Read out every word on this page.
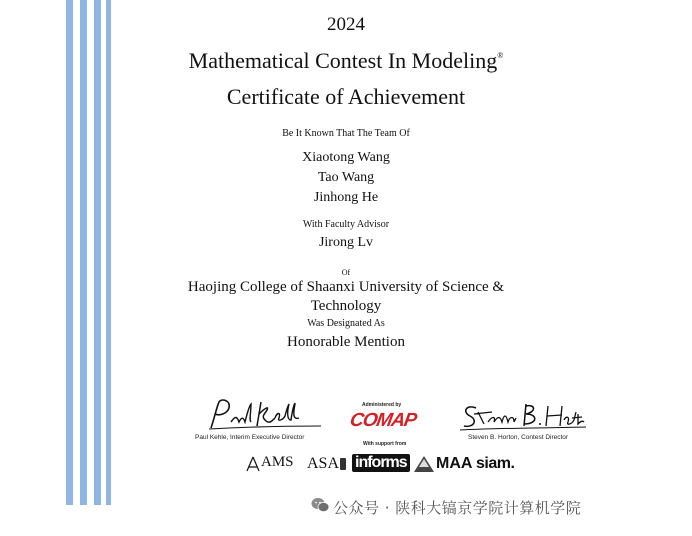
2024
Mathematical Contest In Modeling®
Certificate of Achievement
Be It Known That The Team Of
Xiaotong Wang
Tao Wang
Jinhong He
With Faculty Advisor
Jirong Lv
Of
Haojing College of Shaanxi University of Science &
Technology
Was Designated As
Honorable Mention
Paul Kehle, Interim Executive Director
Administered by
COMAP
With support from
Steven B. Horton, Contest Director
AMS ASA informs MAA siam.
公众号 · 陕科大镐京学院计算机学院
